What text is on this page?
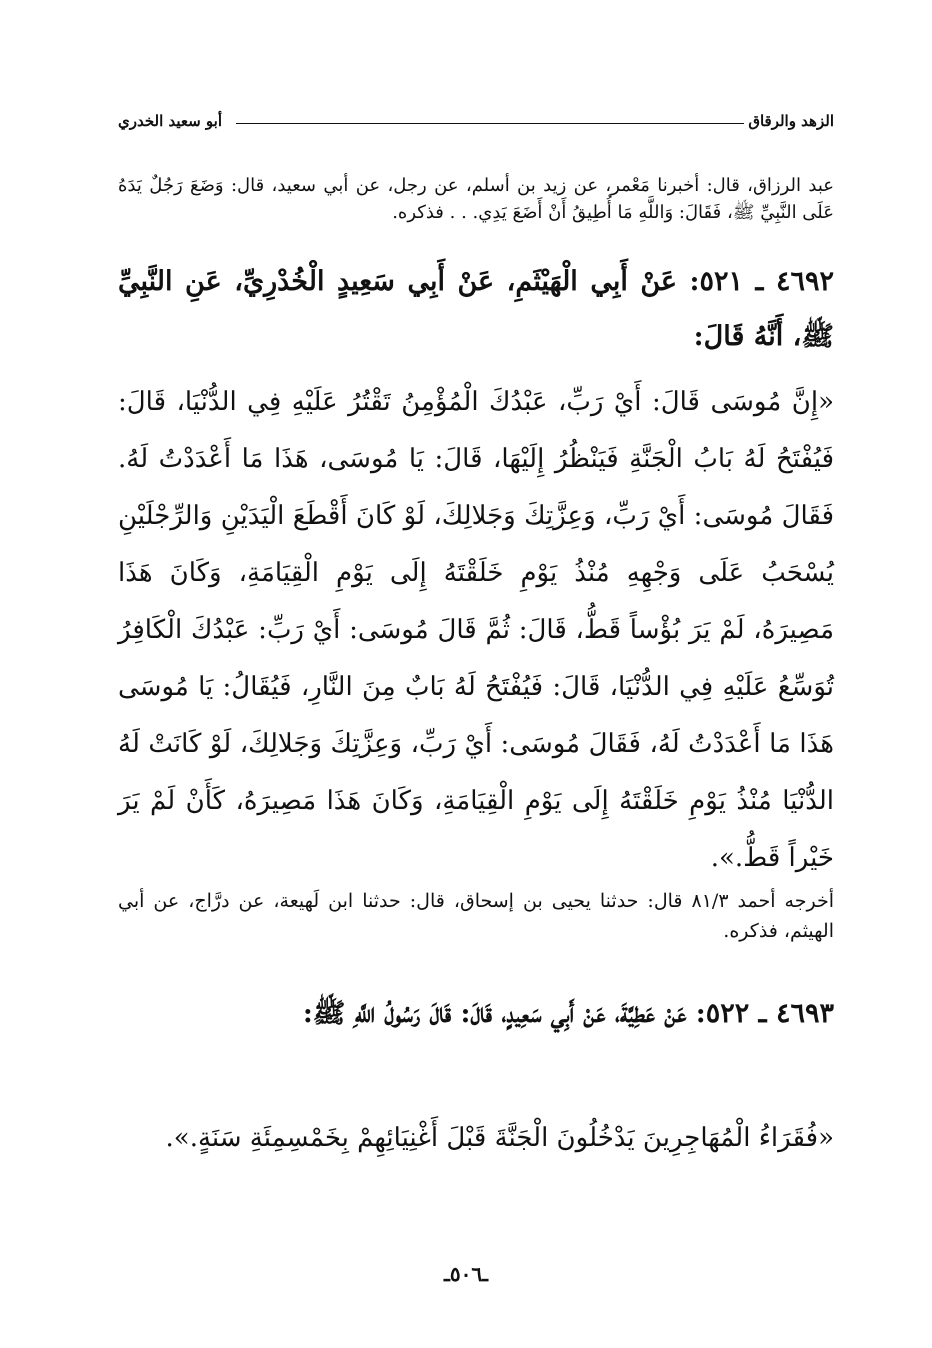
الزهد والرقاق
أبو سعيد الخدري
عبد الرزاق، قال: أخبرنا مَعْمر، عن زيد بن أسلم، عن رجل، عن أبي سعيد، قال: وَضَعَ رَجُلٌ يَدَهُ عَلَى النَّبِيِّ ﷺ، فَقَالَ: وَاللَّهِ مَا أُطِيقُ أَنْ أَضَعَ يَدِي. . . فذكره.
٤٦٩٢ ـ ٥٢١: عَنْ أَبِي الْهَيْثَمِ، عَنْ أَبِي سَعِيدٍ الْخُدْرِيِّ، عَنِ النَّبِيِّ ﷺ، أَنَّهُ قَالَ:
«إِنَّ مُوسَى قَالَ: أَيْ رَبِّ، عَبْدُكَ الْمُؤْمِنُ تَقْتُرُ عَلَيْهِ فِي الدُّنْيَا، قَالَ: فَيُفْتَحُ لَهُ بَابُ الْجَنَّةِ فَيَنْظُرُ إِلَيْهَا، قَالَ: يَا مُوسَى، هَذَا مَا أَعْدَدْتُ لَهُ. فَقَالَ مُوسَى: أَيْ رَبِّ، وَعِزَّتِكَ وَجَلالِكَ، لَوْ كَانَ أَقْطَعَ الْيَدَيْنِ وَالرِّجْلَيْنِ يُسْحَبُ عَلَى وَجْهِهِ مُنْذُ يَوْمِ خَلَقْتَهُ إِلَى يَوْمِ الْقِيَامَةِ، وَكَانَ هَذَا مَصِيرَهُ، لَمْ يَرَ بُؤْساً قَطُّ، قَالَ: ثُمَّ قَالَ مُوسَى: أَيْ رَبِّ: عَبْدُكَ الْكَافِرُ تُوَسِّعُ عَلَيْهِ فِي الدُّنْيَا، قَالَ: فَيُفْتَحُ لَهُ بَابٌ مِنَ النَّارِ، فَيُقَالُ: يَا مُوسَى هَذَا مَا أَعْدَدْتُ لَهُ، فَقَالَ مُوسَى: أَيْ رَبِّ، وَعِزَّتِكَ وَجَلالِكَ، لَوْ كَانَتْ لَهُ الدُّنْيَا مُنْذُ يَوْمِ خَلَقْتَهُ إِلَى يَوْمِ الْقِيَامَةِ، وَكَانَ هَذَا مَصِيرَهُ، كَأَنْ لَمْ يَرَ خَيْراً قَطُّ.».
أخرجه أحمد ٨١/٣ قال: حدثنا يحيى بن إسحاق، قال: حدثنا ابن لَهيعة، عن درَّاج، عن أبي الهيثم، فذكره.
٤٦٩٣ ـ ٥٢٢: عَنْ عَطِيَّةَ، عَنْ أَبِي سَعِيدٍ، قَالَ: قَالَ رَسُولُ اللَّهِ ﷺ:
«فُقَرَاءُ الْمُهَاجِرِينَ يَدْخُلُونَ الْجَنَّةَ قَبْلَ أَغْنِيَائِهِمْ بِخَمْسِمِئَةِ سَنَةٍ.».
ـ٥٠٦ـ
